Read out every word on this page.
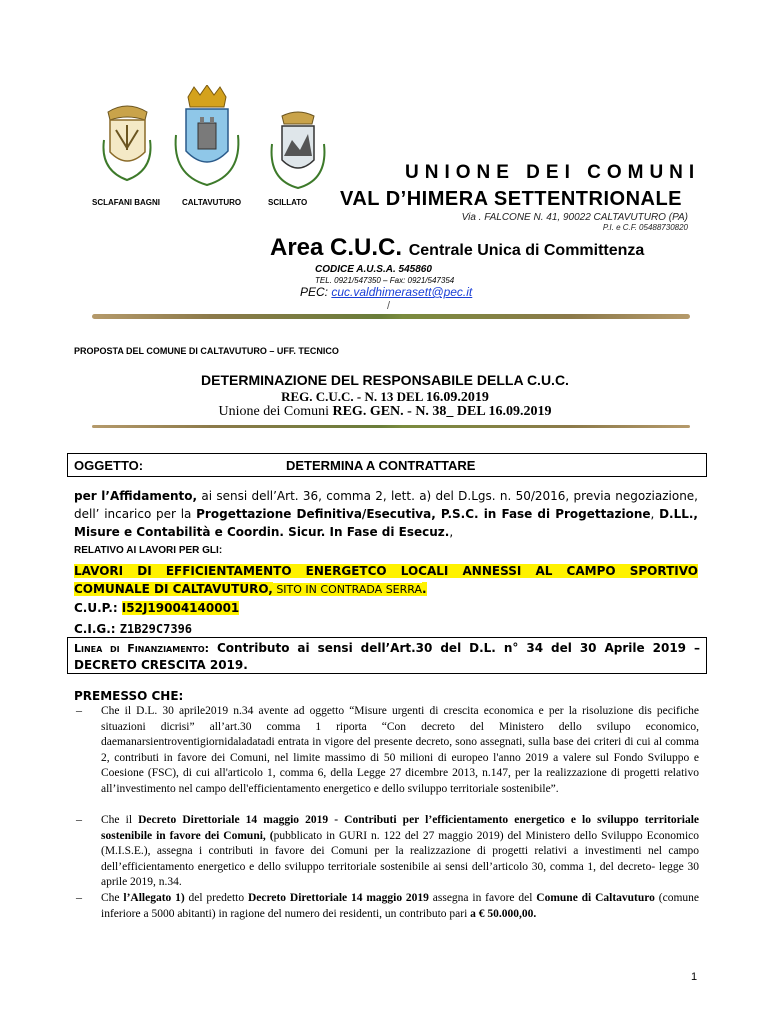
SCLAFANI BAGNI	CALTAVUTURO	SCILLATO
UNIONE DEI COMUNI
VAL D’HIMERA SETTENTRIONALE
Via . FALCONE N. 41, 90022 CALTAVUTURO (PA)
P.I. e C.F. 05488730820
Area C.U.C. Centrale Unica di Committenza
CODICE A.U.S.A. 545860
TEL. 0921/547350 – Fax: 0921/547354
PEC: cuc.valdhimerasett@pec.it
/
PROPOSTA DEL COMUNE DI CALTAVUTURO – UFF. TECNICO
DETERMINAZIONE DEL RESPONSABILE DELLA C.U.C.
REG. C.U.C. - N. 13 DEL 16.09.2019
Unione dei Comuni REG. GEN. - N. 38_ DEL 16.09.2019
OGGETTO:	DETERMINA A CONTRATTARE
per l’Affidamento, ai sensi dell’Art. 36, comma 2, lett. a) del D.Lgs. n. 50/2016, previa negoziazione, dell’ incarico per la Progettazione Definitiva/Esecutiva, P.S.C. in Fase di Progettazione, D.LL., Misure e Contabilità e Coordin. Sicur. In Fase di Esecuz.,
RELATIVO AI LAVORI PER GLI:
LAVORI DI EFFICIENTAMENTO ENERGETCO LOCALI ANNESSI AL CAMPO SPORTIVO COMUNALE DI CALTAVUTURO, SITO IN CONTRADA SERRA.
C.U.P.: I52J19004140001
C.I.G.: Z1B29C7396
Linea di Finanziamento: Contributo ai sensi dell’Art.30 del D.L. n° 34 del 30 Aprile 2019 – DECRETO CRESCITA 2019.
PREMESSO CHE:
– Che il D.L. 30 aprile2019 n.34 avente ad oggetto “Misure urgenti di crescita economica e per la risoluzione dis pecifiche situazioni dicrisi” all’art.30 comma 1 riporta “Con decreto del Ministero dello svilupo economico, daemanarsientroventigiornidaladatadi entrata in vigore del presente decreto, sono assegnati, sulla base dei criteri di cui al comma 2, contributi in favore dei Comuni, nel limite massimo di 50 milioni di europeo l'anno 2019 a valere sul Fondo Sviluppo e Coesione (FSC), di cui all'articolo 1, comma 6, della Legge 27 dicembre 2013, n.147, per la realizzazione di progetti relativo all’investimento nel campo dell'efficientamento energetico e dello sviluppo territoriale sostenibile”.
– Che il Decreto Direttoriale 14 maggio 2019 - Contributi per l’efficientamento energetico e lo sviluppo territoriale sostenibile in favore dei Comuni, (pubblicato in GURI n. 122 del 27 maggio 2019) del Ministero dello Sviluppo Economico (M.I.S.E.), assegna i contributi in favore dei Comuni per la realizzazione di progetti relativi a investimenti nel campo dell’efficientamento energetico e dello sviluppo territoriale sostenibile ai sensi dell’articolo 30, comma 1, del decreto- legge 30 aprile 2019, n.34.
– Che l’Allegato 1) del predetto Decreto Direttoriale 14 maggio 2019 assegna in favore del Comune di Caltavuturo (comune inferiore a 5000 abitanti) in ragione del numero dei residenti, un contributo pari a € 50.000,00.
1
